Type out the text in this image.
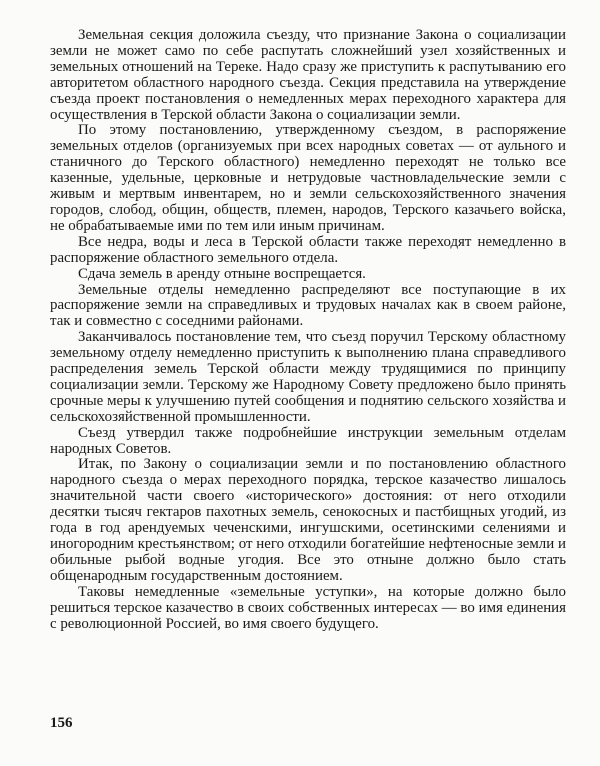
Земельная секция доложила съезду, что признание Закона о социализации земли не может само по себе распутать сложнейший узел хозяйственных и земельных отношений на Тереке. Надо сразу же приступить к распутыванию его авторитетом областного народного съезда. Секция представила на утверждение съезда проект постановления о немедленных мерах переходного характера для осуществления в Терской области Закона о социализации земли.

По этому постановлению, утвержденному съездом, в распоряжение земельных отделов (организуемых при всех народных советах — от аульного и станичного до Терского областного) немедленно переходят не только все казенные, удельные, церковные и нетрудовые частновладельческие земли с живым и мертвым инвентарем, но и земли сельскохозяйственного значения городов, слобод, общин, обществ, племен, народов, Терского казачьего войска, не обрабатываемые ими по тем или иным причинам.

Все недра, воды и леса в Терской области также переходят немедленно в распоряжение областного земельного отдела.

Сдача земель в аренду отныне воспрещается.

Земельные отделы немедленно распределяют все поступающие в их распоряжение земли на справедливых и трудовых началах как в своем районе, так и совместно с соседними районами.

Заканчивалось постановление тем, что съезд поручил Терскому областному земельному отделу немедленно приступить к выполнению плана справедливого распределения земель Терской области между трудящимися по принципу социализации земли. Терскому же Народному Совету предложено было принять срочные меры к улучшению путей сообщения и поднятию сельского хозяйства и сельскохозяйственной промышленности.

Съезд утвердил также подробнейшие инструкции земельным отделам народных Советов.

Итак, по Закону о социализации земли и по постановлению областного народного съезда о мерах переходного порядка, терское казачество лишалось значительной части своего «исторического» достояния: от него отходили десятки тысяч гектаров пахотных земель, сенокосных и пастбищных угодий, из года в год арендуемых чеченскими, ингушскими, осетинскими селениями и иногородним крестьянством; от него отходили богатейшие нефтеносные земли и обильные рыбой водные угодия. Все это отныне должно было стать общенародным государственным достоянием.

Таковы немедленные «земельные уступки», на которые должно было решиться терское казачество в своих собственных интересах — во имя единения с революционной Россией, во имя своего будущего.

156
